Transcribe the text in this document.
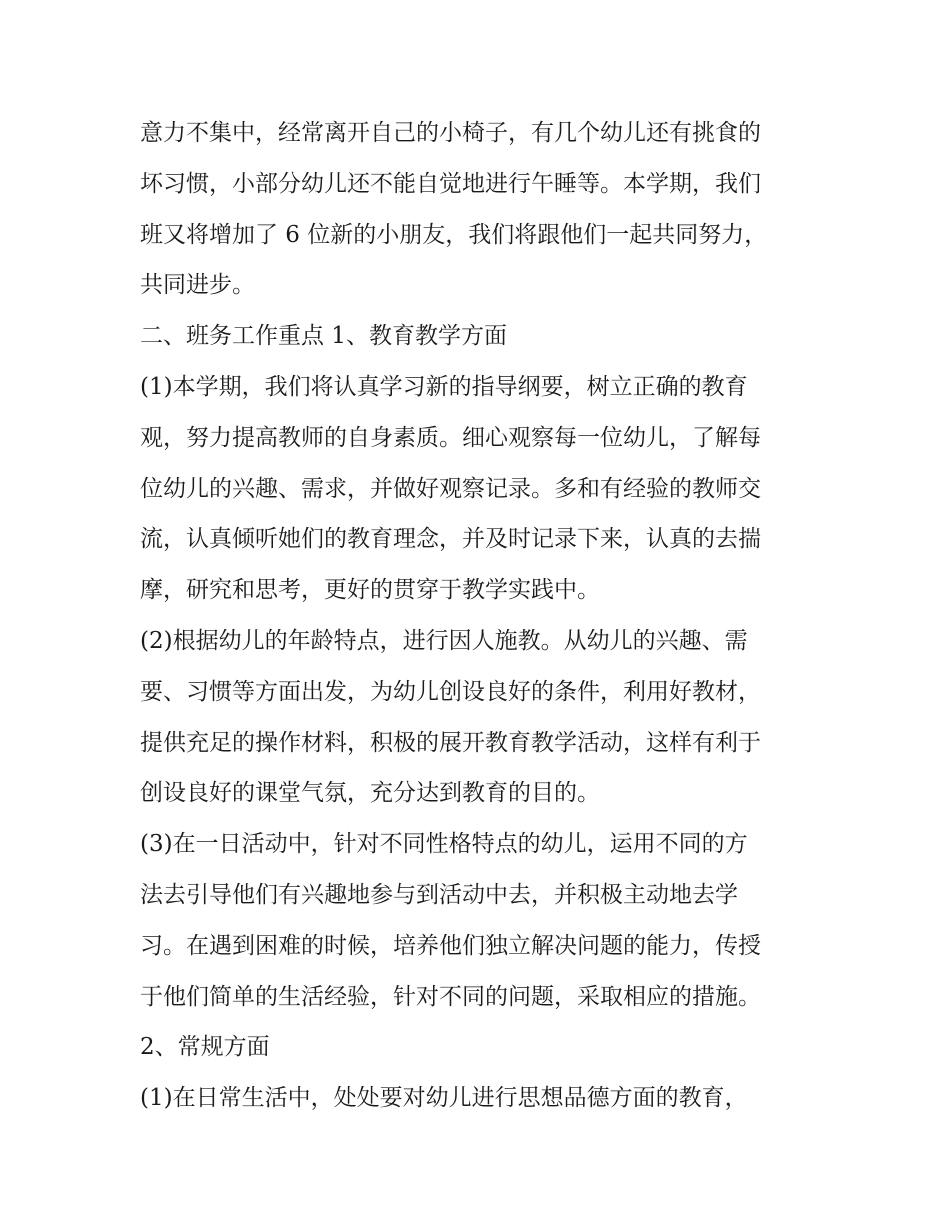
意力不集中，经常离开自己的小椅子，有几个幼儿还有挑食的
坏习惯，小部分幼儿还不能自觉地进行午睡等。本学期，我们
班又将增加了 6 位新的小朋友，我们将跟他们一起共同努力，
共同进步。
二、班务工作重点 1、教育教学方面
(1)本学期，我们将认真学习新的指导纲要，树立正确的教育
观，努力提高教师的自身素质。细心观察每一位幼儿，了解每
位幼儿的兴趣、需求，并做好观察记录。多和有经验的教师交
流，认真倾听她们的教育理念，并及时记录下来，认真的去揣
摩，研究和思考，更好的贯穿于教学实践中。
(2)根据幼儿的年龄特点，进行因人施教。从幼儿的兴趣、需
要、习惯等方面出发，为幼儿创设良好的条件，利用好教材，
提供充足的操作材料，积极的展开教育教学活动，这样有利于
创设良好的课堂气氛，充分达到教育的目的。
(3)在一日活动中，针对不同性格特点的幼儿，运用不同的方
法去引导他们有兴趣地参与到活动中去，并积极主动地去学
习。在遇到困难的时候，培养他们独立解决问题的能力，传授
于他们简单的生活经验，针对不同的问题，采取相应的措施。
2、常规方面
(1)在日常生活中，处处要对幼儿进行思想品德方面的教育，
